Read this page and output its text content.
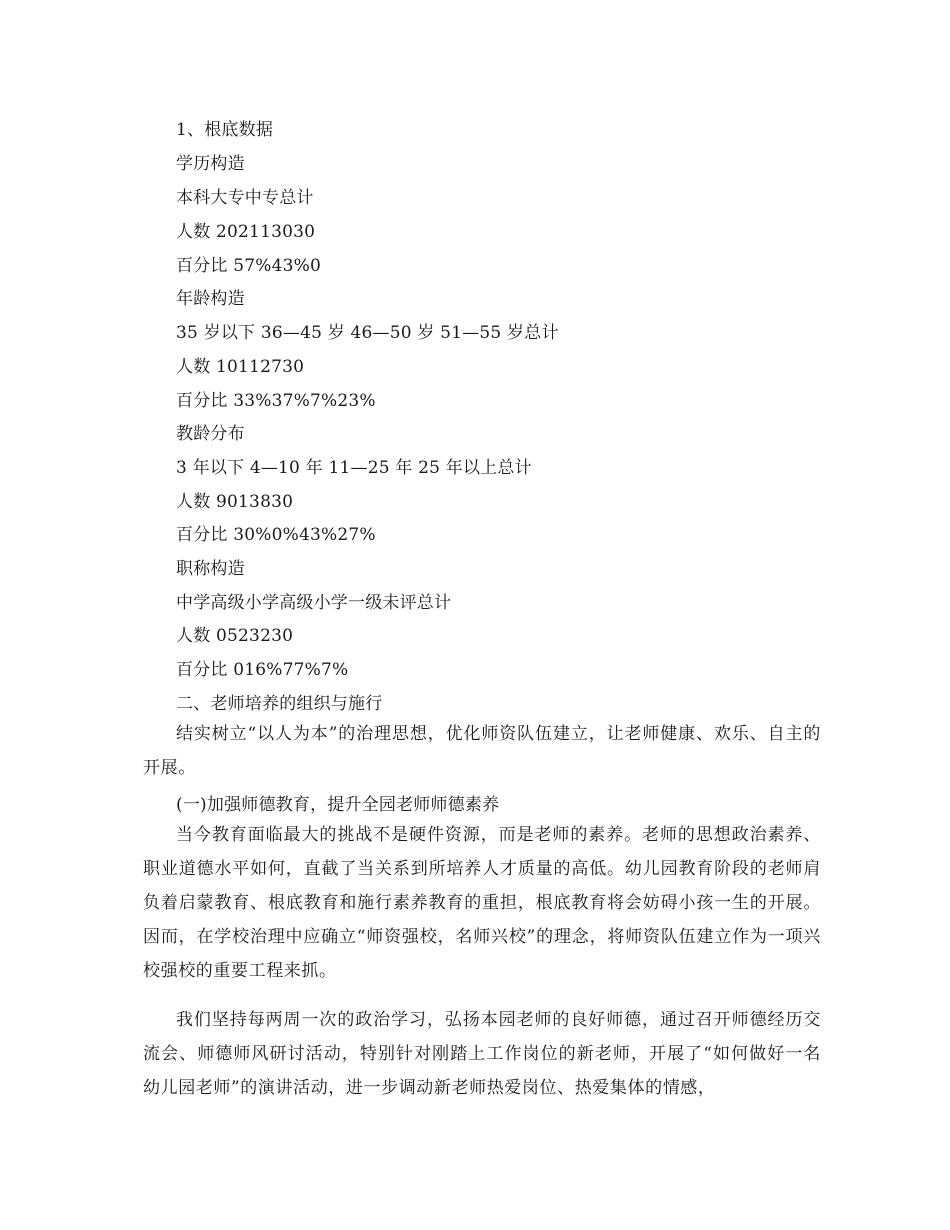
1、根底数据
学历构造
本科大专中专总计
人数 202113030
百分比 57%43%0
年龄构造
35 岁以下 36—45 岁 46—50 岁 51—55 岁总计
人数 10112730
百分比 33%37%7%23%
教龄分布
3 年以下 4—10 年 11—25 年 25 年以上总计
人数 9013830
百分比 30%0%43%27%
职称构造
中学高级小学高级小学一级未评总计
人数 0523230
百分比 016%77%7%
二、老师培养的组织与施行
结实树立“以人为本”的治理思想，优化师资队伍建立，让老师健康、欢乐、自主的开展。
(一)加强师德教育，提升全园老师师德素养
当今教育面临最大的挑战不是硬件资源，而是老师的素养。老师的思想政治素养、职业道德水平如何，直截了当关系到所培养人才质量的高低。幼儿园教育阶段的老师肩负着启蒙教育、根底教育和施行素养教育的重担，根底教育将会妨碍小孩一生的开展。因而，在学校治理中应确立“师资强校，名师兴校”的理念，将师资队伍建立作为一项兴校强校的重要工程来抓。
我们坚持每两周一次的政治学习，弘扬本园老师的良好师德，通过召开师德经历交流会、师德师风研讨活动，特别针对刚踏上工作岗位的新老师，开展了“如何做好一名幼儿园老师”的演讲活动，进一步调动新老师热爱岗位、热爱集体的情感，
